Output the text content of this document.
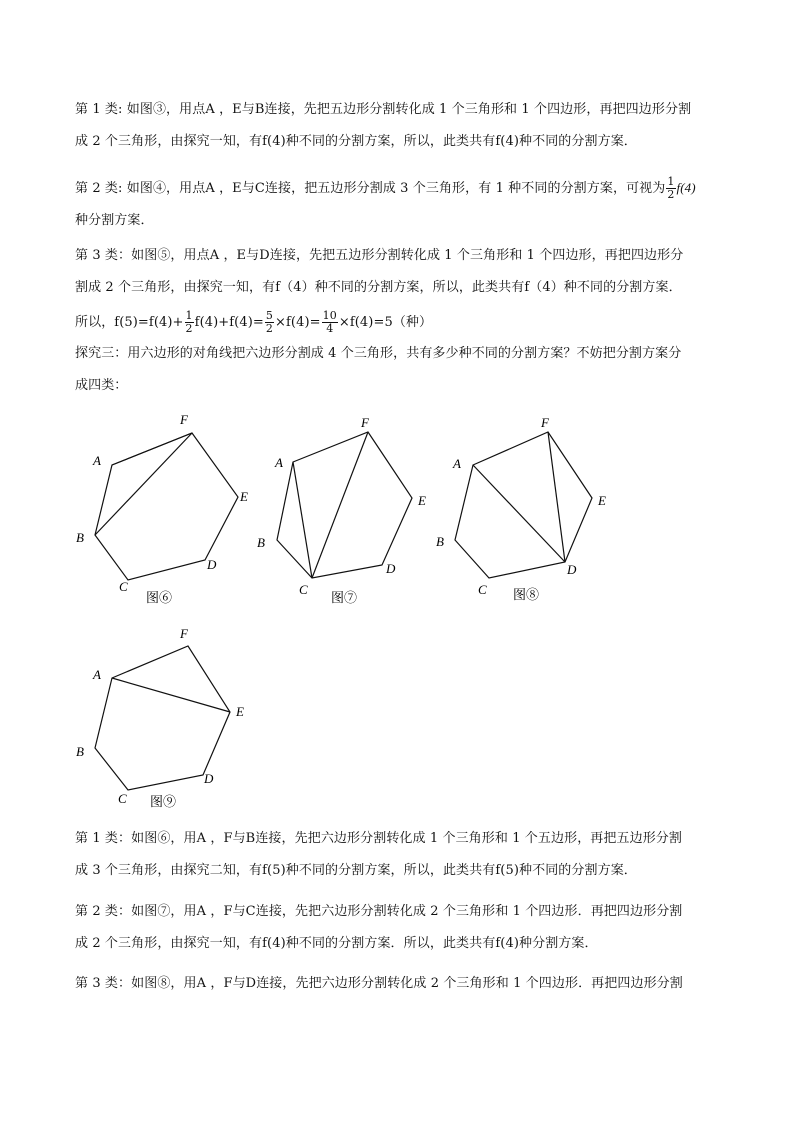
第 1 类: 如图③，用点A ，E与B连接，先把五边形分割转化成 1 个三角形和 1 个四边形，再把四边形分割
成 2 个三角形，由探究一知，有f(4)种不同的分割方案，所以，此类共有f(4)种不同的分割方案．
第 2 类: 如图④，用点A ，E与C连接，把五边形分割成 3 个三角形，有 1 种不同的分割方案，可视为 $\frac{1}{2} f(4)$
种分割方案．
第 3 类：如图⑤，用点A ，E与D连接，先把五边形分割转化成 1 个三角形和 1 个四边形，再把四边形分
割成 2 个三角形，由探究一知，有f（4）种不同的分割方案，所以，此类共有f（4）种不同的分割方案．
所以，$f(5)=f(4)+ \frac{1}{2} f(4)+f(4)= \frac{5}{2} \times f(4)= \frac{10}{4} \times f(4)=5$（种）
探究三：用六边形的对角线把六边形分割成 4 个三角形，共有多少种不同的分割方案？不妨把分割方案分
成四类：
F
A
E
B
D
C
图⑥
F
A
E
B
D
C
图⑦
F
A
E
B
D
C 图⑧
F
A
E
B
D
C 图⑨
第 1 类：如图⑥，用A ，F与B连接，先把六边形分割转化成 1 个三角形和 1 个五边形，再把五边形分割
成 3 个三角形，由探究二知，有f(5)种不同的分割方案，所以，此类共有f(5)种不同的分割方案．
第 2 类：如图⑦，用A ，F与C连接，先把六边形分割转化成 2 个三角形和 1 个四边形．再把四边形分割
成 2 个三角形，由探究一知，有f(4)种不同的分割方案．所以，此类共有f(4)种分割方案．
第 3 类：如图⑧，用A ，F与D连接，先把六边形分割转化成 2 个三角形和 1 个四边形．再把四边形分割
